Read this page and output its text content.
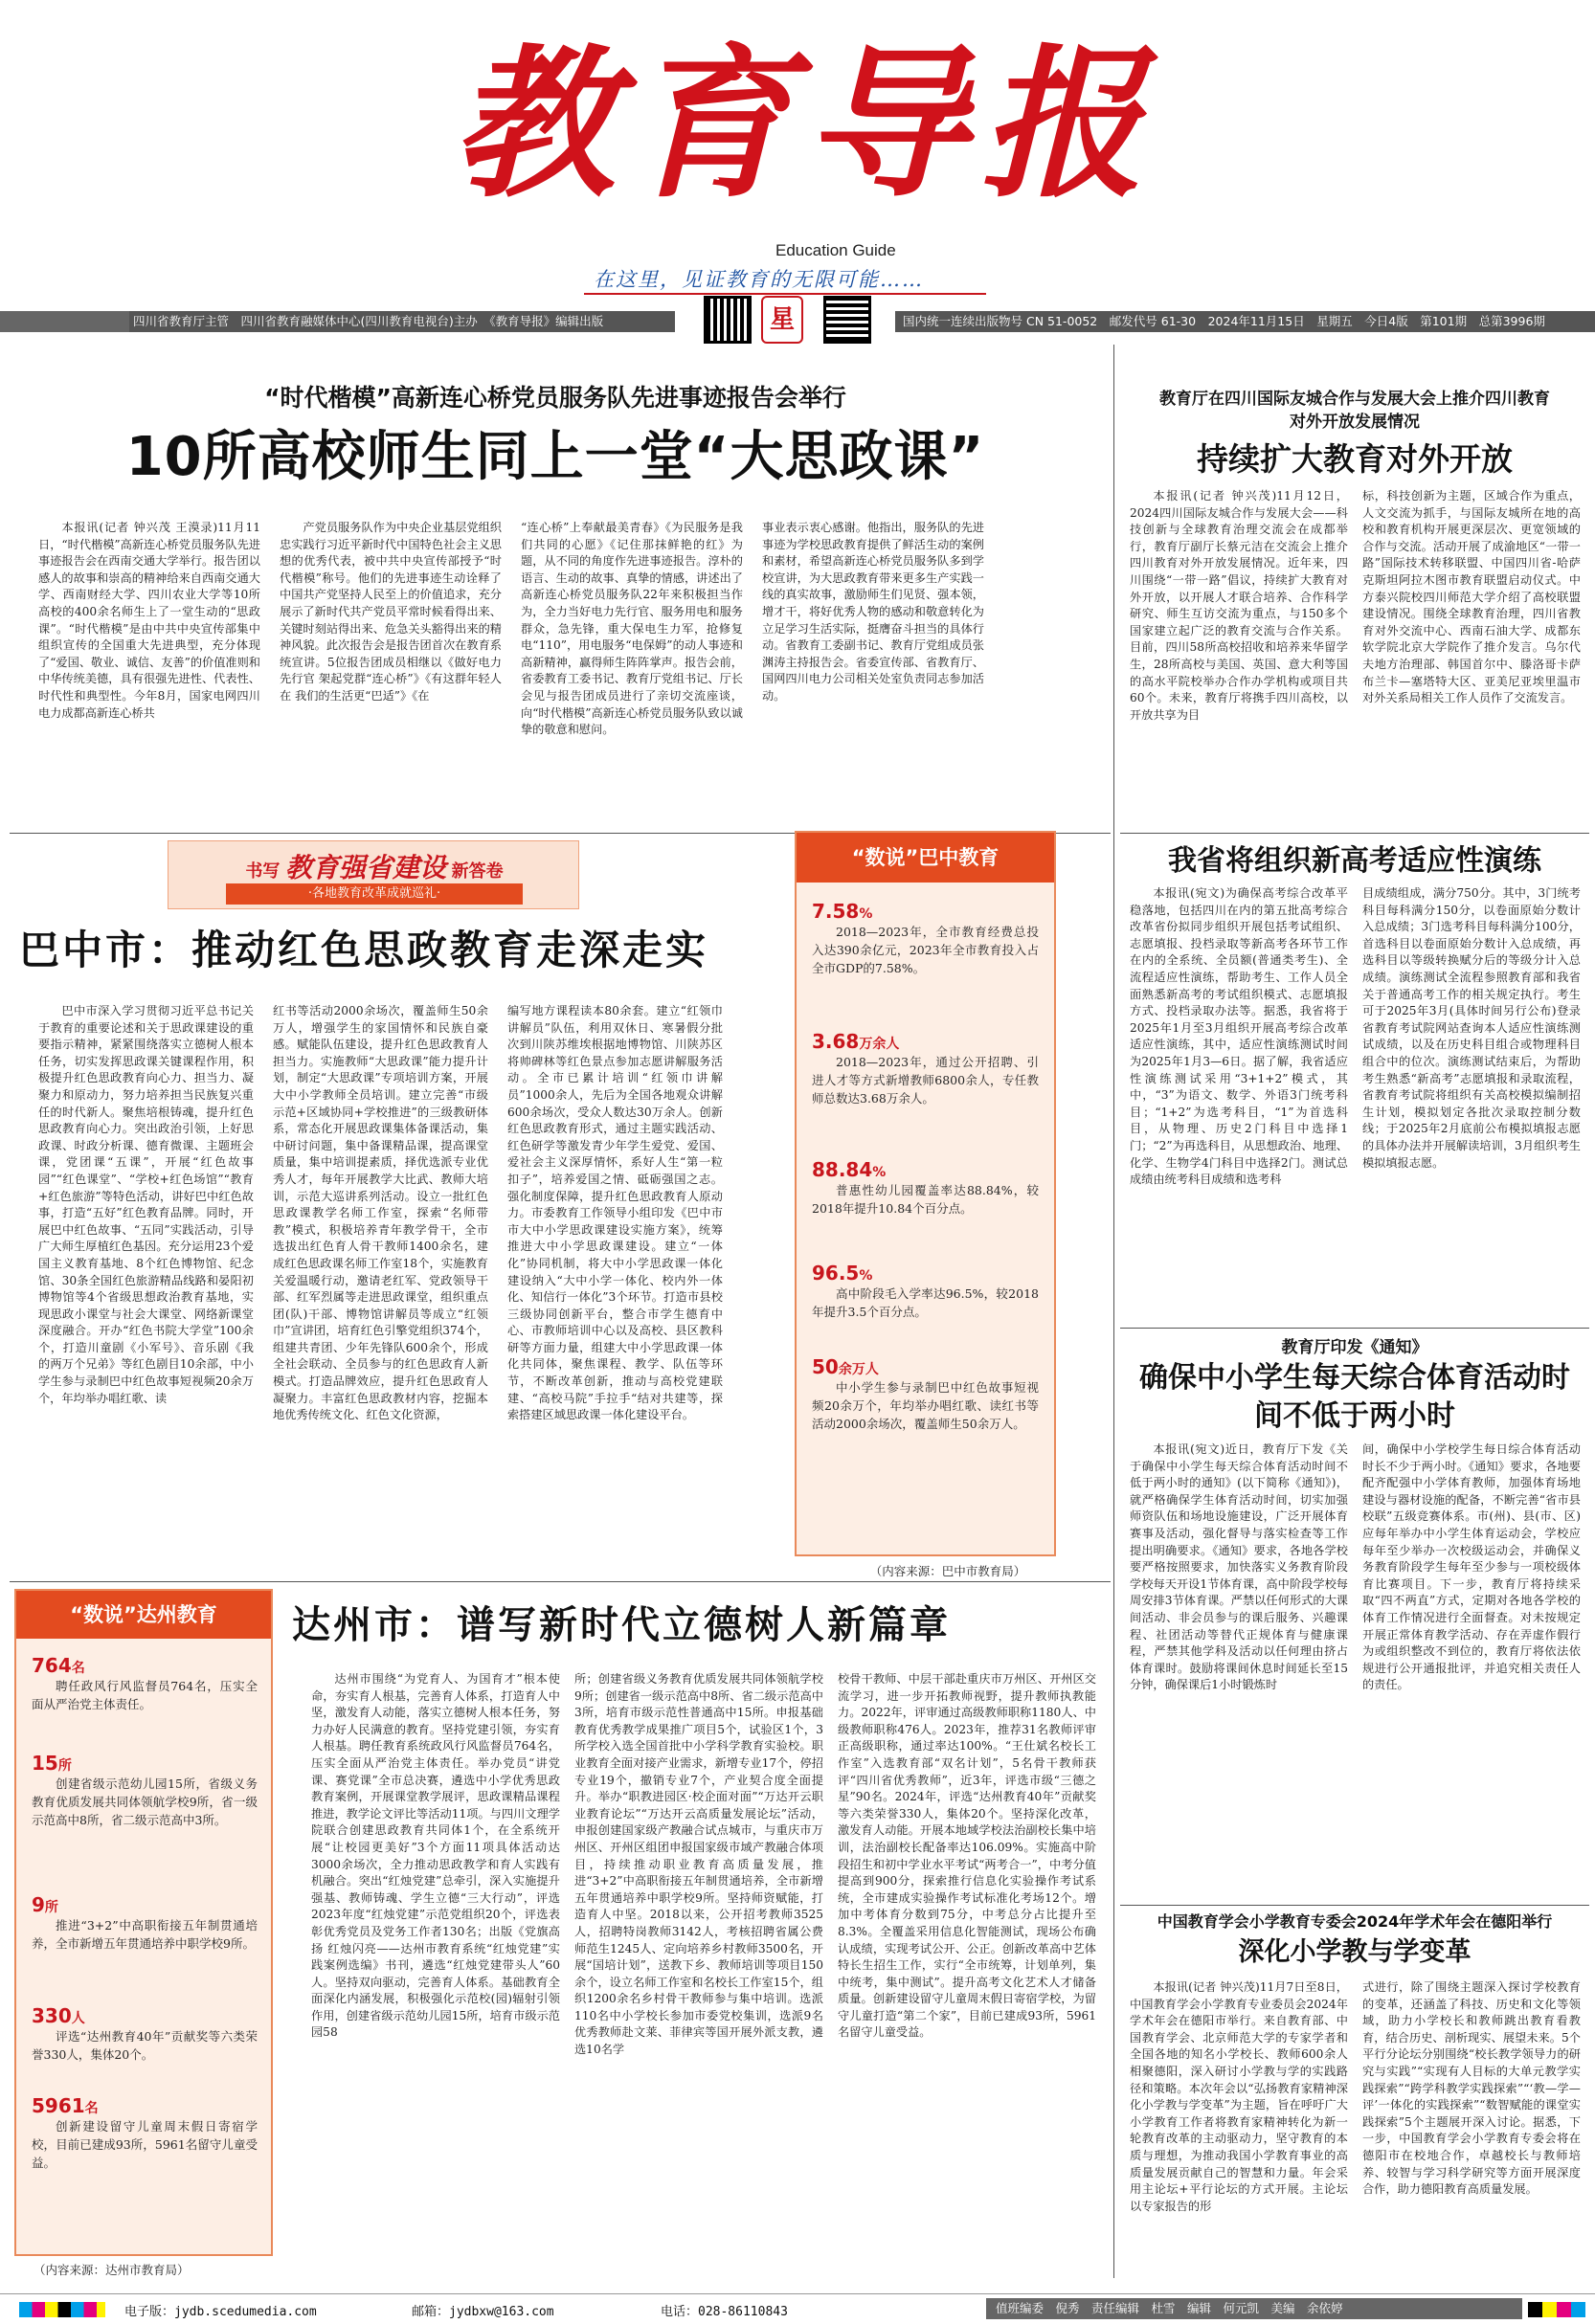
教育导报
Education Guide
在这里，见证教育的无限可能……
四川省教育厅主管　 四川省教育融媒体中心(四川教育电视台)主办　 《教育导报》编辑出版	星	国内统一连续出版物号 CN 51-0052　 邮发代号 61-30　 2024年11月15日　 星期五　 今日4版　 第101期　 总第3996期
“时代楷模”高新连心桥党员服务队先进事迹报告会举行
10所高校师生同上一堂“大思政课”
本报讯(记者 钟兴茂 王漠录)11月11日，“时代楷模”高新连心桥党员服务队先进事迹报告会在西南交通大学举行。报告团以感人的故事和崇高的精神给来自西南交通大学、西南财经大学、四川农业大学等10所高校的400余名师生上了一堂生动的“思政课”。“时代楷模”是由中共中央宣传部集中组织宣传的全国重大先进典型，充分体现了“爱国、敬业、诚信、友善”的价值准则和中华传统美德，具有很强先进性、代表性、时代性和典型性。今年8月，国家电网四川电力成都高新连心桥共
产党员服务队作为中央企业基层党组织忠实践行习近平新时代中国特色社会主义思想的优秀代表，被中共中央宣传部授予“时代楷模”称号。他们的先进事迹生动诠释了中国共产党坚持人民至上的价值追求，充分展示了新时代共产党员平常时候看得出来、关键时刻站得出来、危急关头豁得出来的精神风貌。此次报告会是报告团首次在教育系统宣讲。5位报告团成员相继以《做好电力先行官 架起党群“连心桥”》《有这群年轻人在 我们的生活更“巴适”》《在
“连心桥”上奉献最美青春》《为民服务是我们共同的心愿》《记住那抹鲜艳的红》为题，从不同的角度作先进事迹报告。淳朴的语言、生动的故事、真挚的情感，讲述出了高新连心桥党员服务队22年来积极担当作为，全力当好电力先行官、服务用电和服务群众，急先锋，重大保电生力军，抢修复电“110”，用电服务“电保姆”的动人事迹和高新精神，赢得师生阵阵掌声。报告会前，省委教育工委书记、教育厅党组书记、厅长会见与报告团成员进行了亲切交流座谈，向“时代楷模”高新连心桥党员服务队致以诚挚的敬意和慰问。
事业表示衷心感谢。他指出，服务队的先进事迹为学校思政教育提供了鲜活生动的案例和素材，希望高新连心桥党员服务队多到学校宣讲，为大思政教育带来更多生产实践一线的真实故事，激励师生们见贤、强本领，增才干，将好优秀人物的感动和敬意转化为立足学习生活实际，挺膺奋斗担当的具体行动。省教育工委副书记、教育厅党组成员张渊涛主持报告会。省委宣传部、省教育厅、国网四川电力公司相关处室负责同志参加活动。
书写 教育强省建设 新答卷
·各地教育改革成就巡礼·
巴中市：推动红色思政教育走深走实
巴中市深入学习贯彻习近平总书记关于教育的重要论述和关于思政课建设的重要指示精神，紧紧围绕落实立德树人根本任务，切实发挥思政课关键课程作用，积极提升红色思政教育向心力、担当力、凝聚力和原动力，努力培养担当民族复兴重任的时代新人。聚焦培根铸魂，提升红色思政教育向心力。突出政治引领，上好思政课、时政分析课、德育微课、主题班会课，党团课“五课”，开展“红色故事园”“红色课堂”、“学校+红色场馆”“教育+红色旅游”等特色活动，讲好巴中红色故事，打造“五好”红色教育品牌。同时，开展巴中红色故事、“五同”实践活动，引导广大师生厚植红色基因。充分运用23个爱国主义教育基地、8个红色博物馆、纪念馆、30条全国红色旅游精品线路和晏阳初博物馆等4个省级思想政治教育基地，实现思政小课堂与社会大课堂、网络新课堂深度融合。开办“红色书院大学堂”100余个，打造川童剧《小军号》、音乐剧《我的两万个兄弟》等红色剧目10余部，中小学生参与录制巴中红色故事短视频20余万个，年均举办唱红歌、读
红书等活动2000余场次，覆盖师生50余万人，增强学生的家国情怀和民族自豪感。赋能队伍建设，提升红色思政教育人担当力。实施教师“大思政课”能力提升计划，制定“大思政课”专项培训方案，开展大中小学教师全员培训。建立完善“市级示范+区域协同+学校推进”的三级教研体系，常态化开展思政课集体备课活动，集中研讨问题，集中备课精品课，提高课堂质量，集中培训提素质，择优选派专业优秀人才，每年开展教学大比武、教师大培训，示范大巡讲系列活动。设立一批红色思政课教学名师工作室，探索“名师带教”模式，积极培养青年教学骨干，全市选拔出红色育人骨干教师1400余名，建成红色思政课名师工作室18个，实施教育关爱温暖行动，邀请老红军、党政领导干部、红军烈属等走进思政课堂，组织重点团(队)干部、博物馆讲解员等成立“红领巾”宣讲团，培育红色引擎党组织374个，组建共青团、少年先锋队600余个，形成全社会联动、全员参与的红色思政育人新模式。打造品牌效应，提升红色思政育人凝聚力。丰富红色思政教材内容，挖掘本地优秀传统文化、红色文化资源，
编写地方课程读本80余套。建立“红领巾讲解员”队伍，利用双休日、寒暑假分批次到川陕苏维埃根据地博物馆、川陕苏区将帅碑林等红色景点参加志愿讲解服务活动。全市已累计培训“红领巾讲解员”1000余人，先后为全国各地观众讲解600余场次，受众人数达30万余人。创新红色思政教育形式，通过主题实践活动、红色研学等激发青少年学生爱党、爱国、爱社会主义深厚情怀，系好人生“第一粒扣子”，培养爱国之情、砥砺强国之志。强化制度保障，提升红色思政教育人原动力。市委教育工作领导小组印发《巴中市市大中小学思政课建设实施方案》，统筹推进大中小学思政课建设。建立“一体化”协同机制，将大中小学思政课一体化建设纳入“大中小学一体化、校内外一体化、知信行一体化”3个环节。打造市县校三级协同创新平台，整合市学生德育中心、市教师培训中心以及高校、县区教科研等方面力量，组建大中小学思政课一体化共同体，聚焦课程、教学、队伍等环节，不断改革创新，推动与高校党建联建、“高校马院”手拉手“结对共建等，探索搭建区域思政课一体化建设平台。
“数说”巴中教育
7.58%
2018—2023年，全市教育经费总投入达390余亿元，2023年全市教育投入占全市GDP的7.58%。
3.68万余人
2018—2023年，通过公开招聘、引进人才等方式新增教师6800余人，专任教师总数达3.68万余人。
88.84%
普惠性幼儿园覆盖率达88.84%，较2018年提升10.84个百分点。
96.5%
高中阶段毛入学率达96.5%，较2018年提升3.5个百分点。
50余万人
中小学生参与录制巴中红色故事短视频20余万个，年均举办唱红歌、读红书等活动2000余场次，覆盖师生50余万人。
（内容来源：巴中市教育局）
“数说”达州教育
764名
聘任政风行风监督员764名，压实全面从严治党主体责任。
15所
创建省级示范幼儿园15所，省级义务教育优质发展共同体领航学校9所，省一级示范高中8所，省二级示范高中3所。
9所
推进“3+2”中高职衔接五年制贯通培养，全市新增五年贯通培养中职学校9所。
330人
评选“达州教育40年”贡献奖等六类荣誉330人，集体20个。
5961名
创新建设留守儿童周末假日寄宿学校，目前已建成93所，5961名留守儿童受益。
（内容来源：达州市教育局）
达州市：谱写新时代立德树人新篇章
达州市围绕“为党育人、为国育才”根本使命，夯实育人根基，完善育人体系，打造育人中坚，激发育人动能，落实立德树人根本任务，努力办好人民满意的教育。坚持党建引领，夯实育人根基。聘任教育系统政风行风监督员764名，压实全面从严治党主体责任。举办党员“讲党课、赛党课”全市总决赛，遴选中小学优秀思政教育案例，开展课堂教学展评，思政课精品课程推进，教学论文评比等活动11项。与四川文理学院联合创建思政教育共同体1个，在全系统开展“让校园更美好”3个方面11项具体活动达3000余场次，全力推动思政教学和育人实践有机融合。突出“红烛党建”总牵引，深入实施提升强基、教师铸魂、学生立德“三大行动”，评选2023年度“红烛党建”示范党组织20个，评选表彰优秀党员及党务工作者130名；出版《党旗高扬 红烛闪亮——达州市教育系统“红烛党建”实践案例选编》书刊，遴选“红烛党建带头人”60人。坚持双向驱动，完善育人体系。基础教育全面深化内涵发展，积极强化示范校(园)辐射引领作用，创建省级示范幼儿园15所，培育市级示范园58
所；创建省级义务教育优质发展共同体领航学校9所；创建省一级示范高中8所、省二级示范高中3所，培育市级示范性普通高中15所。申报基础教育优秀教学成果推广项目5个，试验区1个，3所学校入选全国首批中小学科学教育实验校。职业教育全面对接产业需求，新增专业17个，停招专业19个，撤销专业7个，产业契合度全面提升。举办“职教进园区·校企面对面”“万达开云职业教育论坛”“万达开云高质量发展论坛”活动，申报创建国家级产教融合试点城市，与重庆市万州区、开州区组团申报国家级市域产教融合体项目，持续推动职业教育高质量发展，推进“3+2”中高职衔接五年制贯通培养，全市新增五年贯通培养中职学校9所。坚持师资赋能，打造育人中坚。2018以来，公开招考教师3525人，招聘特岗教师3142人，考核招聘省属公费师范生1245人、定向培养乡村教师3500名，开展“国培计划”，送教下乡、教师培训等项目150余个，设立名师工作室和名校长工作室15个，组织1200余名乡村骨干教师参与集中培训。选派110名中小学校长参加市委党校集训，选派9名优秀教师赴文莱、菲律宾等国开展外派支教，遴选10名学
校骨干教师、中层干部赴重庆市万州区、开州区交流学习，进一步开拓教师视野，提升教师执教能力。2022年，评审通过高级教师职称1180人、中级教师职称476人。2023年，推荐31名教师评审正高级职称，通过率达100%。“王仕斌名校长工作室”入选教育部“双名计划”，5名骨干教师获评“四川省优秀教师”，近3年，评选市级“三德之星”90名。2024年，评选“达州教育40年”贡献奖等六类荣誉330人，集体20个。坚持深化改革，激发育人动能。开展本地域学校法治副校长集中培训，法治副校长配备率达106.09%。实施高中阶段招生和初中学业水平考试“两考合一”，中考分值提高到900分，探索推行信息化实验操作考试系统，全市建成实验操作考试标准化考场12个。增加中考体育分数到75分，中考总分占比提升至8.3%。全覆盖采用信息化智能测试，现场公布确认成绩，实现考试公开、公正。创新改革高中艺体特长生招生工作，实行“全市统筹，计划单列，集中统考，集中测试”。提升高考文化艺术人才储备质量。创新建设留守儿童周末假日寄宿学校，为留守儿童打造“第二个家”，目前已建成93所，5961名留守儿童受益。
教育厅在四川国际友城合作与发展大会上推介四川教育对外开放发展情况
持续扩大教育对外开放
本报讯(记者 钟兴茂)11月12日，2024四川国际友城合作与发展大会——科技创新与全球教育治理交流会在成都举行，教育厅副厅长蔡元洁在交流会上推介四川教育对外开放发展情况。近年来，四川围绕“一带一路”倡议，持续扩大教育对外开放，以开展人才联合培养、合作科学研究、师生互访交流为重点，与150多个国家建立起广泛的教育交流与合作关系。目前，四川58所高校招收和培养来华留学生，28所高校与美国、英国、意大利等国的高水平院校举办合作办学机构或项目共60个。未来，教育厅将携手四川高校，以开放共享为目
标，科技创新为主题，区域合作为重点，人文交流为抓手，与国际友城所在地的高校和教育机构开展更深层次、更宽领域的合作与交流。活动开展了成渝地区“一带一路”国际技术转移联盟、中国四川省-哈萨克斯坦阿拉木图市教育联盟启动仪式。中方泰兴院校四川师范大学介绍了高校联盟建设情况。围绕全球教育治理，四川省教育对外交流中心、西南石油大学、成都东软学院北京大学院作了推介发言。乌尔代夫地方治理部、韩国首尔中、滕洛哥卡萨布兰卡—塞塔特大区、亚美尼亚埃里温市对外关系局相关工作人员作了交流发言。
我省将组织新高考适应性演练
本报讯(宛文)为确保高考综合改革平稳落地，包括四川在内的第五批高考综合改革省份拟同步组织开展包括考试组织、志愿填报、投档录取等新高考各环节工作在内的全系统、全员额(普通类考生)、全流程适应性演练，帮助考生、工作人员全面熟悉新高考的考试组织模式、志愿填报方式、投档录取办法等。据悉，我省将于2025年1月至3月组织开展高考综合改革适应性演练，其中，适应性演练测试时间为2025年1月3—6日。据了解，我省适应性演练测试采用“3+1+2”模式，其中，“3”为语文、数学、外语3门统考科目；“1+2”为选考科目，“1”为首选科目，从物理、历史2门科目中选择1门；“2”为再选科目，从思想政治、地理、化学、生物学4门科目中选择2门。测试总成绩由统考科目成绩和选考科
目成绩组成，满分750分。其中，3门统考科目每科满分150分，以卷面原始分数计入总成绩；3门选考科目每科满分100分，首选科目以卷面原始分数计入总成绩，再选科目以等级转换赋分后的等级分计入总成绩。演练测试全流程参照教育部和我省关于普通高考工作的相关规定执行。考生可于2025年3月(具体时间另行公布)登录省教育考试院网站查询本人适应性演练测试成绩，以及在历史科目组合或物理科目组合中的位次。演练测试结束后，为帮助考生熟悉“新高考”志愿填报和录取流程，省教育考试院将组织有关高校模拟编制招生计划，模拟划定各批次录取控制分数线；于2025年2月底前公布模拟填报志愿的具体办法并开展解读培训，3月组织考生模拟填报志愿。
教育厅印发《通知》
确保中小学生每天综合体育活动时间不低于两小时
本报讯(宛文)近日，教育厅下发《关于确保中小学生每天综合体育活动时间不低于两小时的通知》(以下简称《通知》)，就严格确保学生体育活动时间，切实加强师资队伍和场地设施建设，广泛开展体育赛事及活动，强化督导与落实检查等工作提出明确要求。《通知》要求，各地各学校要严格按照要求，加快落实义务教育阶段学校每天开设1节体育课，高中阶段学校每周安排3节体育课。严禁以任何形式的大课间活动、非会员参与的课后服务、兴趣课程、社团活动等替代正规体育与健康课程，严禁其他学科及活动以任何理由挤占体育课时。鼓励将课间休息时间延长至15分钟，确保课后1小时锻炼时
间，确保中小学校学生每日综合体育活动时长不少于两小时。《通知》要求，各地要配齐配强中小学体育教师，加强体育场地建设与器材设施的配备，不断完善“省市县校联”五级竞赛体系。市(州)、县(市、区)应每年举办中小学生体育运动会，学校应每年至少举办一次校级运动会，并确保义务教育阶段学生每年至少参与一项校级体育比赛项目。下一步，教育厅将持续采取“四不两直”方式，定期对各地各学校的体育工作情况进行全面督查。对未按规定开展正常体育教学活动、存在弄虚作假行为或组织整改不到位的，教育厅将依法依规进行公开通报批评，并追究相关责任人的责任。
中国教育学会小学教育专委会2024年学术年会在德阳举行
深化小学教与学变革
本报讯(记者 钟兴茂)11月7日至8日，中国教育学会小学教育专业委员会2024年学术年会在德阳市举行。来自教育部、中国教育学会、北京师范大学的专家学者和全国各地的知名小学校长、教师600余人相聚德阳，深入研讨小学教与学的实践路径和策略。本次年会以“弘扬教育家精神深化小学教与学变革”为主题，旨在呼吁广大小学教育工作者将教育家精神转化为新一轮教育改革的主动驱动力，坚守教育的本质与理想，为推动我国小学教育事业的高质量发展贡献自己的智慧和力量。年会采用主论坛+平行论坛的方式开展。主论坛以专家报告的形
式进行，除了围绕主题深入探讨学校教育的变革，还涵盖了科技、历史和文化等领域，助力小学校长和教师跳出教育看教育，结合历史、剖析现实、展望未来。5个平行分论坛分别围绕“校长教学领导力的研究与实践”“实现有人目标的大单元教学实践探索”“跨学科教学实践探索”“‘教—学—评’一体化的实践探索”“数智赋能的课堂实践探索”5个主题展开深入讨论。据悉，下一步，中国教育学会小学教育专委会将在德阳市在校地合作，卓越校长与教师培养、较智与学习科学研究等方面开展深度合作，助力德阳教育高质量发展。
电子版：jydb.scedumedia.com	邮箱：jydbxw@163.com	电话：028-86110843	值班编委　倪秀　责任编辑　杜雪　编辑　何元凯　美编　余依婷
